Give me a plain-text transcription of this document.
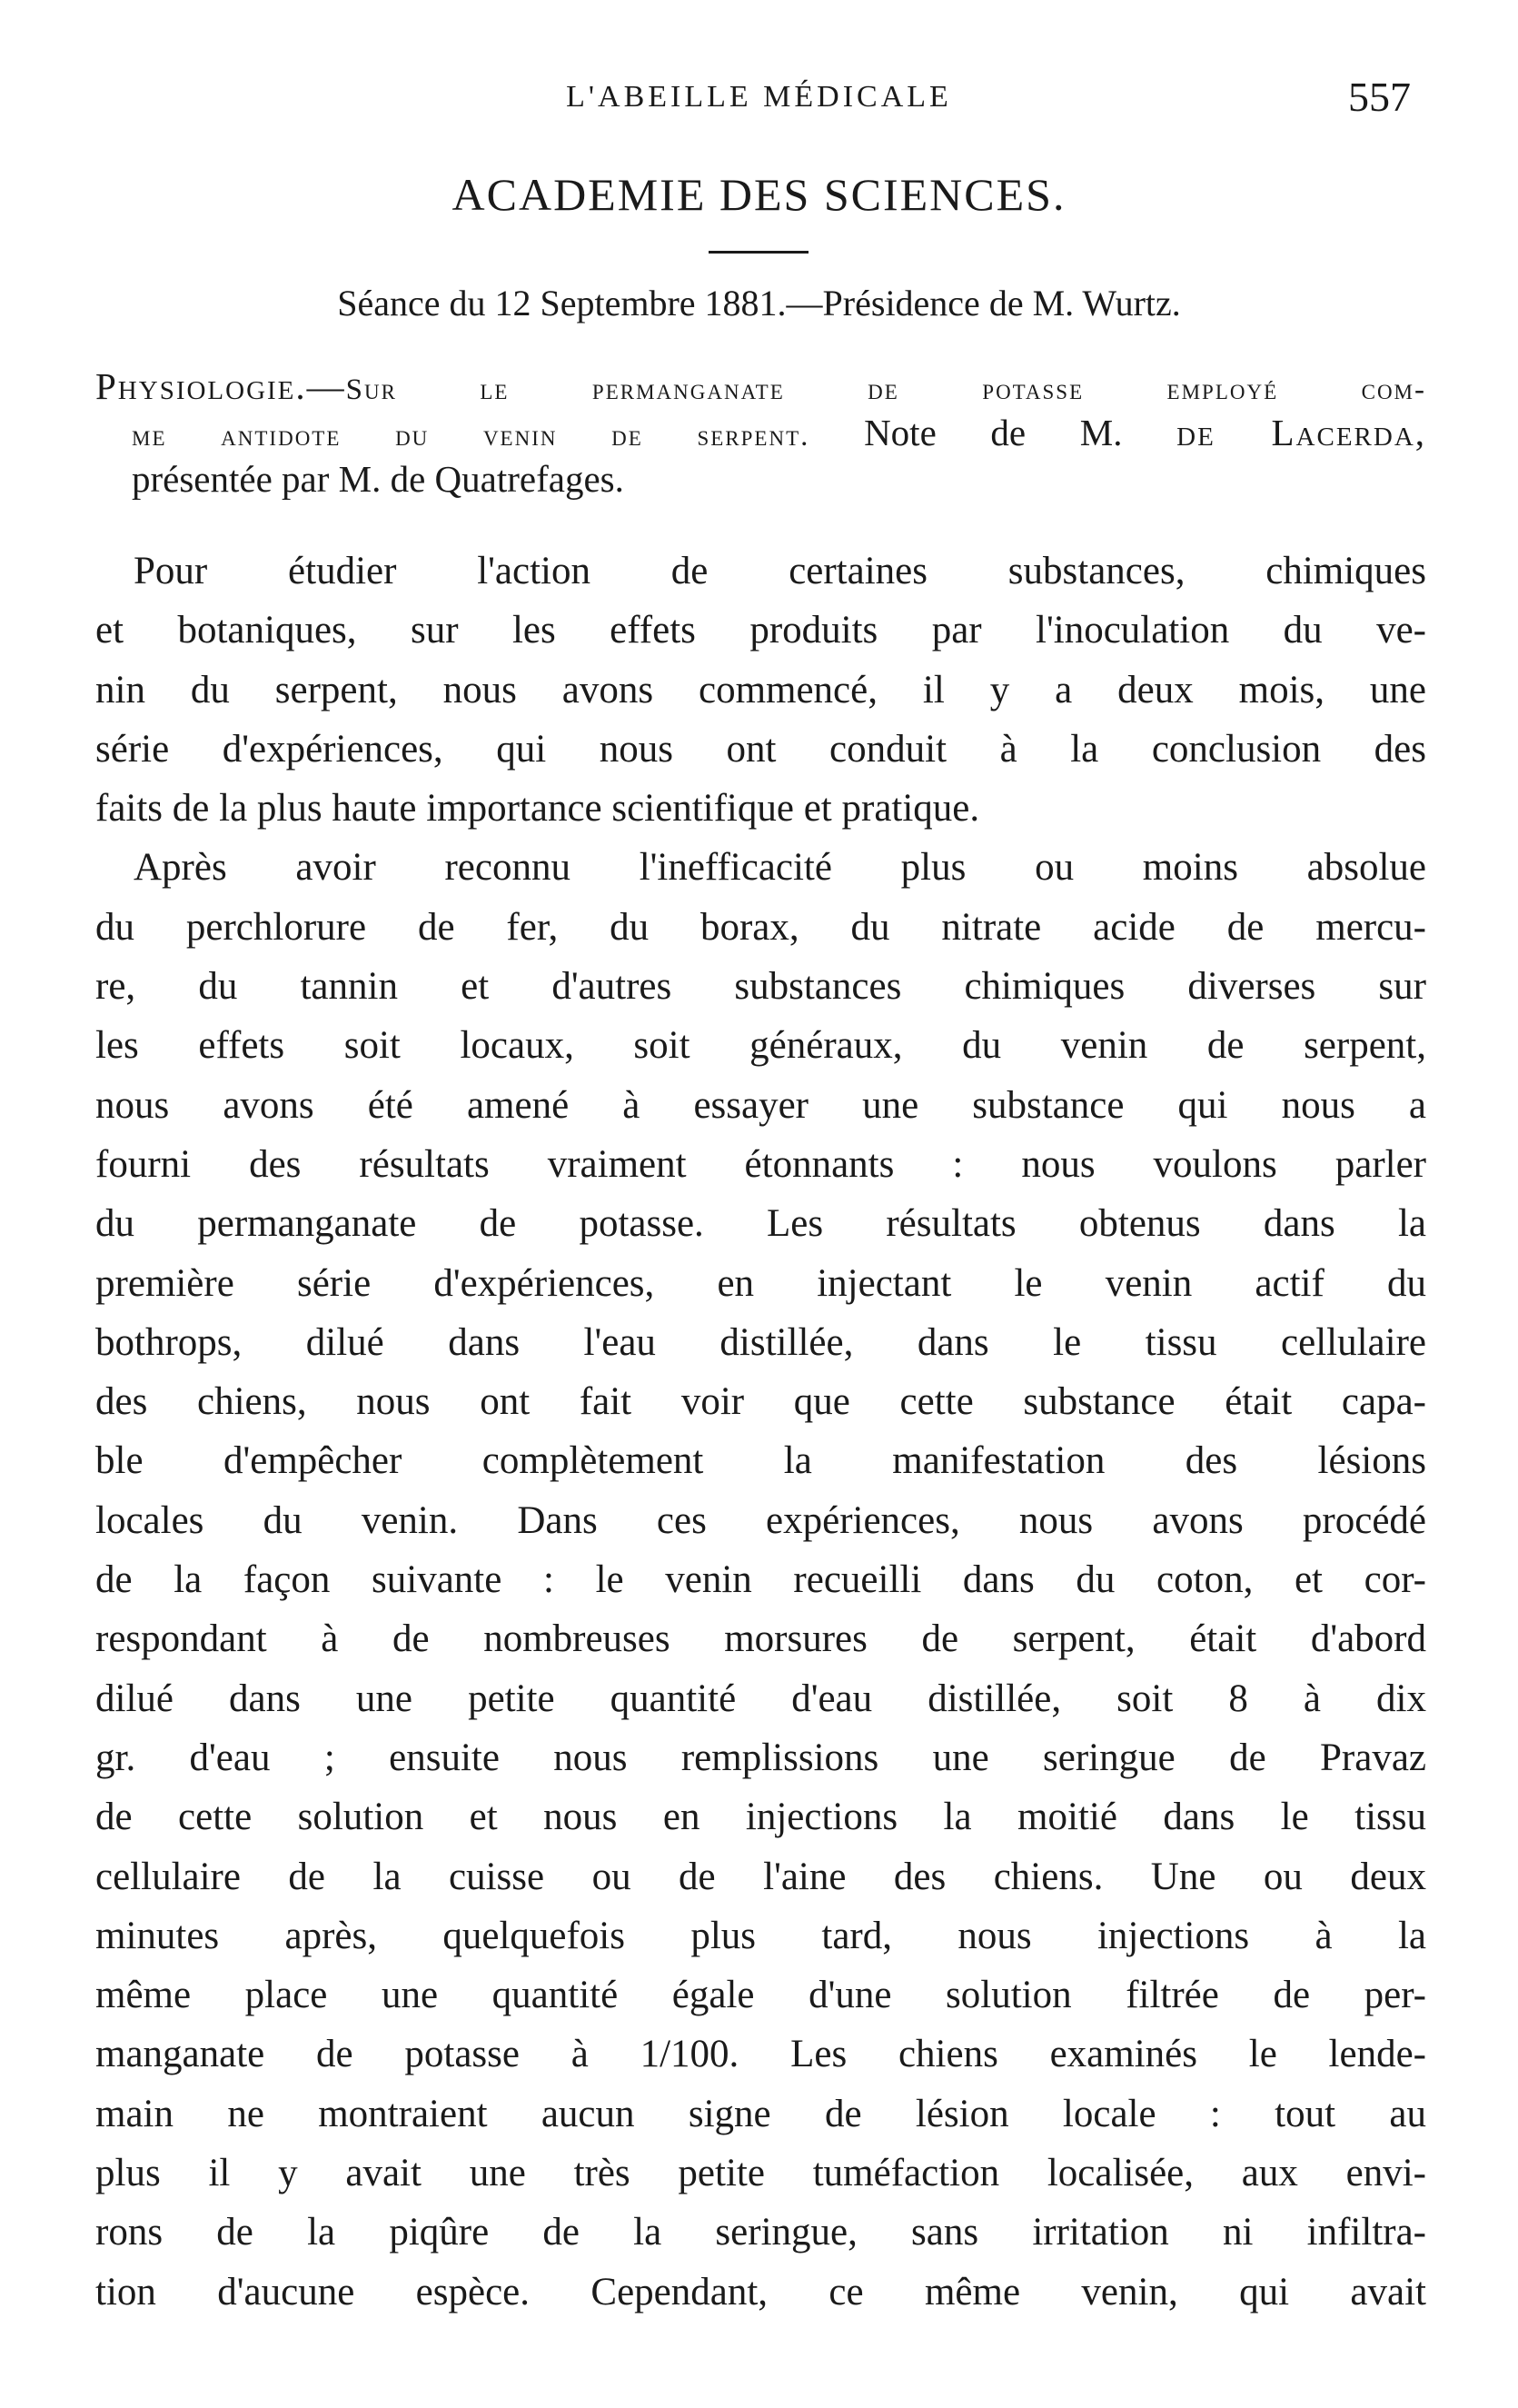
L'ABEILLE MÉDICALE	557
ACADEMIE DES SCIENCES.
Séance du 12 Septembre 1881.—Présidence de M. Wurtz.
Physiologie.—Sur le permanganate de potasse employé com-
me antidote du venin de serpent. Note de M. de Lacerda,
présentée par M. de Quatrefages.
Pour étudier l'action de certaines substances, chimiques
et botaniques, sur les effets produits par l'inoculation du ve-
nin du serpent, nous avons commencé, il y a deux mois, une
série d'expériences, qui nous ont conduit à la conclusion des
faits de la plus haute importance scientifique et pratique.
Après avoir reconnu l'inefficacité plus ou moins absolue
du perchlorure de fer, du borax, du nitrate acide de mercu-
re, du tannin et d'autres substances chimiques diverses sur
les effets soit locaux, soit généraux, du venin de serpent,
nous avons été amené à essayer une substance qui nous a
fourni des résultats vraiment étonnants : nous voulons parler
du permanganate de potasse. Les résultats obtenus dans la
première série d'expériences, en injectant le venin actif du
bothrops, dilué dans l'eau distillée, dans le tissu cellulaire
des chiens, nous ont fait voir que cette substance était capa-
ble d'empêcher complètement la manifestation des lésions
locales du venin. Dans ces expériences, nous avons procédé
de la façon suivante : le venin recueilli dans du coton, et cor-
respondant à de nombreuses morsures de serpent, était d'abord
dilué dans une petite quantité d'eau distillée, soit 8 à dix
gr. d'eau ; ensuite nous remplissions une seringue de Pravaz
de cette solution et nous en injections la moitié dans le tissu
cellulaire de la cuisse ou de l'aine des chiens. Une ou deux
minutes après, quelquefois plus tard, nous injections à la
même place une quantité égale d'une solution filtrée de per-
manganate de potasse à 1/100. Les chiens examinés le lende-
main ne montraient aucun signe de lésion locale : tout au
plus il y avait une très petite tuméfaction localisée, aux envi-
rons de la piqûre de la seringue, sans irritation ni infiltra-
tion d'aucune espèce. Cependant, ce même venin, qui avait
